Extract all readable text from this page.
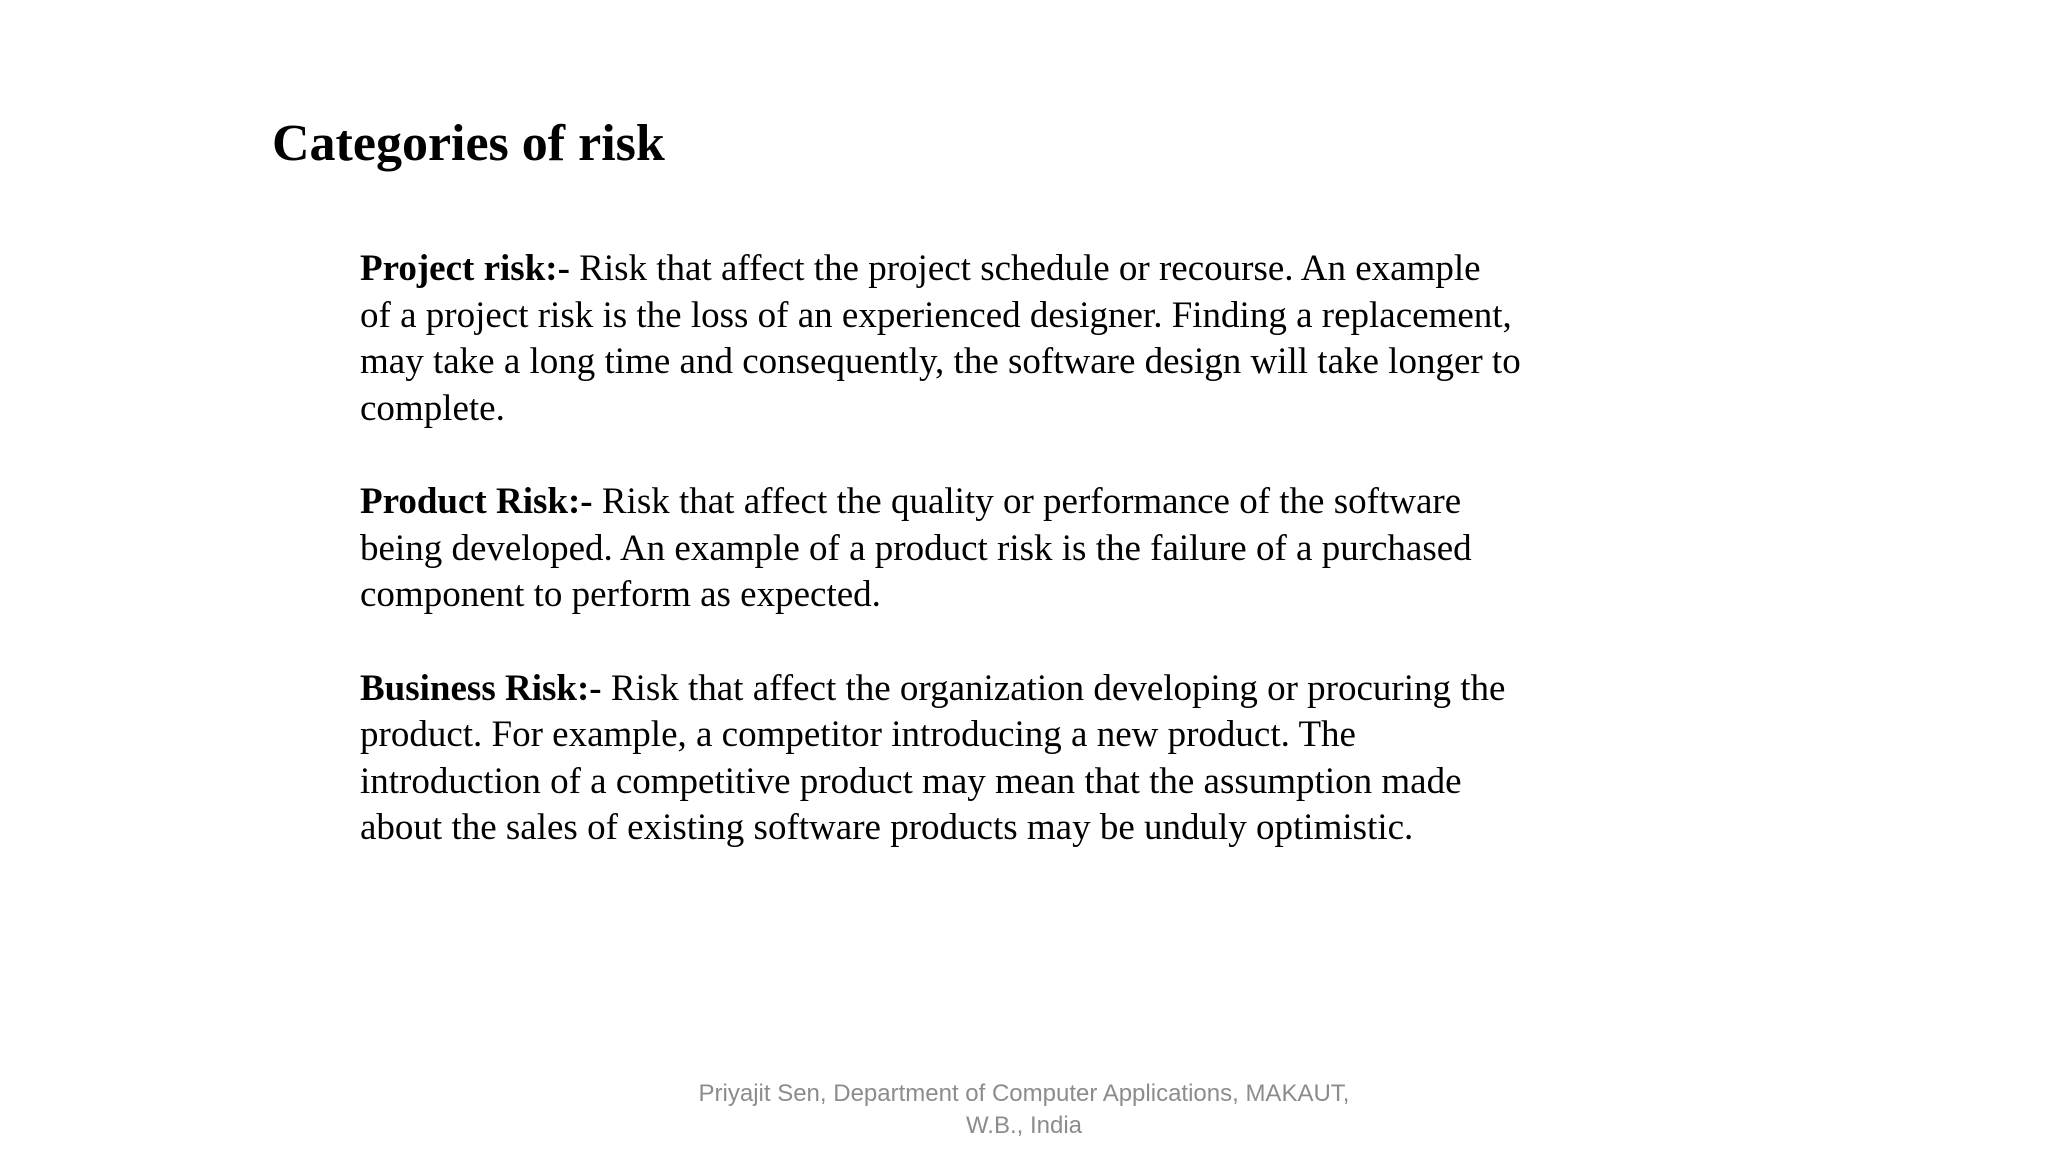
Categories of risk

Project risk:- Risk that affect the project schedule or recourse. An example
of a project risk is the loss of an experienced designer. Finding a replacement,
may take a long time and consequently, the software design will take longer to
complete.

Product Risk:- Risk that affect the quality or performance of the software
being developed. An example of a product risk is the failure of a purchased
component to perform as expected.

Business Risk:- Risk that affect the organization developing or procuring the
product. For example, a competitor introducing a new product. The
introduction of a competitive product may mean that the assumption made
about the sales of existing software products may be unduly optimistic.

Priyajit Sen, Department of Computer Applications, MAKAUT,
W.B., India
